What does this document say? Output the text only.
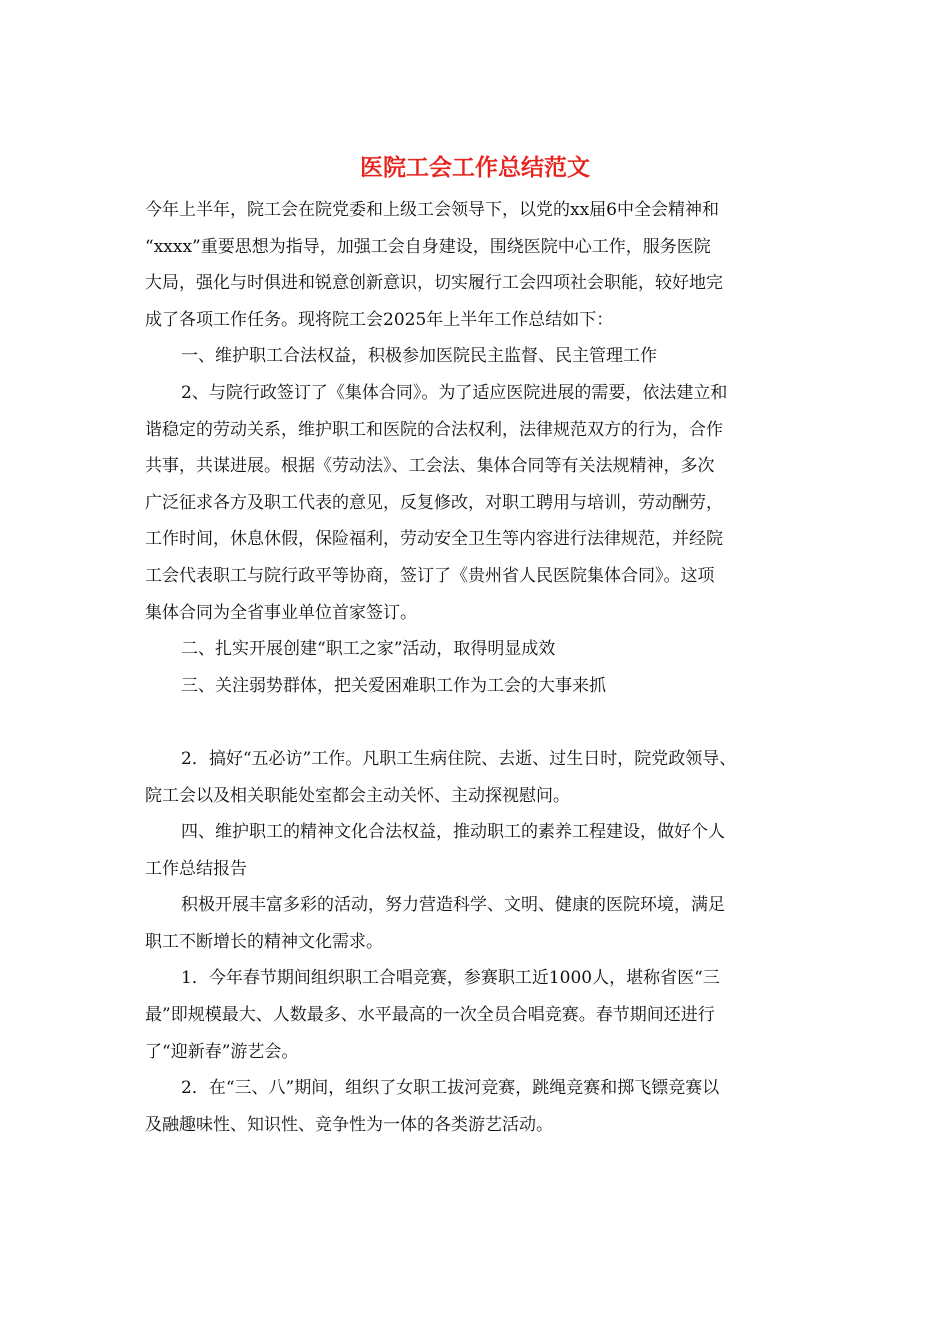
医院工会工作总结范文
今年上半年，院工会在院党委和上级工会领导下，以党的xx届6中全会精神和
“xxxx”重要思想为指导，加强工会自身建设，围绕医院中心工作，服务医院
大局，强化与时俱进和锐意创新意识，切实履行工会四项社会职能，较好地完
成了各项工作任务。现将院工会2025年上半年工作总结如下：
一、维护职工合法权益，积极参加医院民主监督、民主管理工作
2、与院行政签订了《集体合同》。为了适应医院进展的需要，依法建立和
谐稳定的劳动关系，维护职工和医院的合法权利，法律规范双方的行为，合作
共事，共谋进展。根据《劳动法》、工会法、集体合同等有关法规精神，多次
广泛征求各方及职工代表的意见，反复修改，对职工聘用与培训，劳动酬劳，
工作时间，休息休假，保险福利，劳动安全卫生等内容进行法律规范，并经院
工会代表职工与院行政平等协商，签订了《贵州省人民医院集体合同》。这项
集体合同为全省事业单位首家签订。
二、扎实开展创建“职工之家”活动，取得明显成效
三、关注弱势群体，把关爱困难职工作为工会的大事来抓
2．搞好“五必访”工作。凡职工生病住院、去逝、过生日时，院党政领导、
院工会以及相关职能处室都会主动关怀、主动探视慰问。
四、维护职工的精神文化合法权益，推动职工的素养工程建设，做好个人
工作总结报告
积极开展丰富多彩的活动，努力营造科学、文明、健康的医院环境，满足
职工不断增长的精神文化需求。
1．今年春节期间组织职工合唱竞赛，参赛职工近1000人，堪称省医“三
最”即规模最大、人数最多、水平最高的一次全员合唱竞赛。春节期间还进行
了“迎新春”游艺会。
2．在“三、八”期间，组织了女职工拔河竞赛，跳绳竞赛和掷飞镖竞赛以
及融趣味性、知识性、竞争性为一体的各类游艺活动。
